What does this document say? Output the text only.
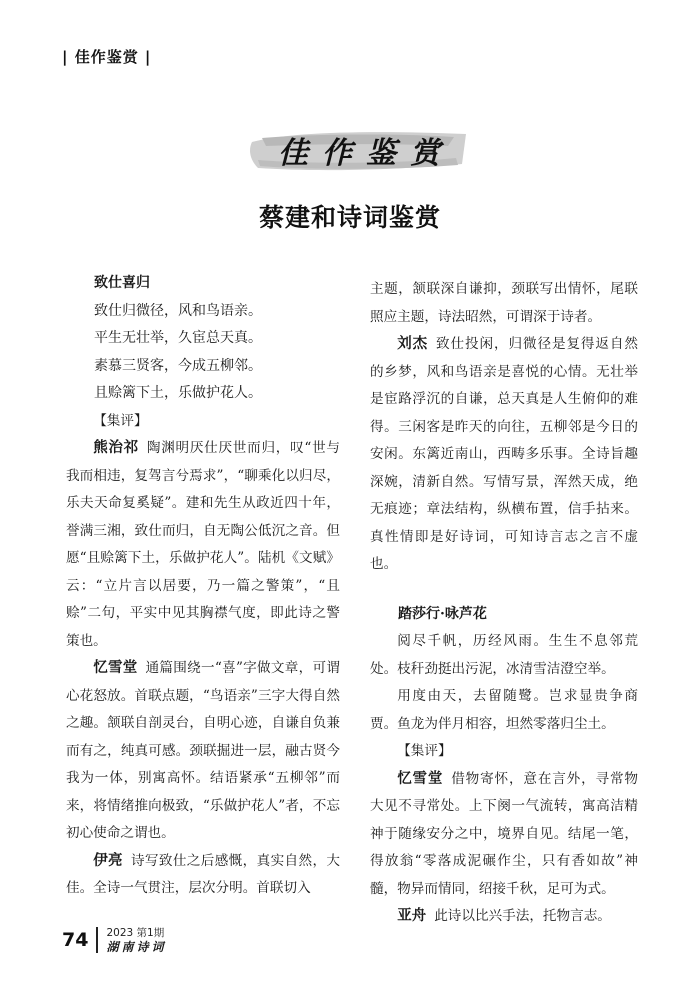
| 佳作鉴赏 |
佳作鉴赏
蔡建和诗词鉴赏

致仕喜归

致仕归微径，风和鸟语亲。

平生无壮举，久宦总天真。

素慕三贤客，今成五柳邻。

且赊篱下土，乐做护花人。

【集评】

熊治祁 陶渊明厌仕厌世而归，叹“世与我而相违，复驾言兮焉求”，“聊乘化以归尽，乐夫天命复奚疑”。建和先生从政近四十年，誉满三湘，致仕而归，自无陶公低沉之音。但愿“且赊篱下土，乐做护花人”。陆机《文赋》云：“立片言以居要，乃一篇之警策”，“且赊”二句，平实中见其胸襟气度，即此诗之警策也。

忆雪堂 通篇围绕一“喜”字做文章，可谓心花怒放。首联点题，“鸟语亲”三字大得自然之趣。颔联自剖灵台，自明心迹，自谦自负兼而有之，纯真可感。颈联掘进一层，融古贤今我为一体，别寓高怀。结语紧承“五柳邻”而来，将情绪推向极致，“乐做护花人”者，不忘初心使命之谓也。

伊亮 诗写致仕之后感慨，真实自然，大佳。全诗一气贯注，层次分明。首联切入

主题，颔联深自谦抑，颈联写出情怀，尾联照应主题，诗法昭然，可谓深于诗者。

刘杰 致仕投闲，归微径是复得返自然的乡梦，风和鸟语亲是喜悦的心情。无壮举是宦路浮沉的自谦，总天真是人生俯仰的难得。三闲客是昨天的向往，五柳邻是今日的安闲。东篱近南山，西畴多乐事。全诗旨趣深婉，清新自然。写情写景，浑然天成，绝无痕迹；章法结构，纵横布置，信手拈来。真性情即是好诗词，可知诗言志之言不虚也。

踏莎行·咏芦花

阅尽千帆，历经风雨。生生不息邻荒处。枝秆劲挺出污泥，冰清雪洁澄空举。

用度由天，去留随鹭。岂求显贵争商贾。鱼龙为伴月相容，坦然零落归尘土。

【集评】

忆雪堂 借物寄怀，意在言外，寻常物大见不寻常处。上下阕一气流转，寓高洁精神于随缘安分之中，境界自见。结尾一笔，得放翁“零落成泥碾作尘，只有香如故”神髓，物异而情同，绍接千秋，足可为式。

亚舟 此诗以比兴手法，托物言志。

74 2023 第1期
湖南诗词
